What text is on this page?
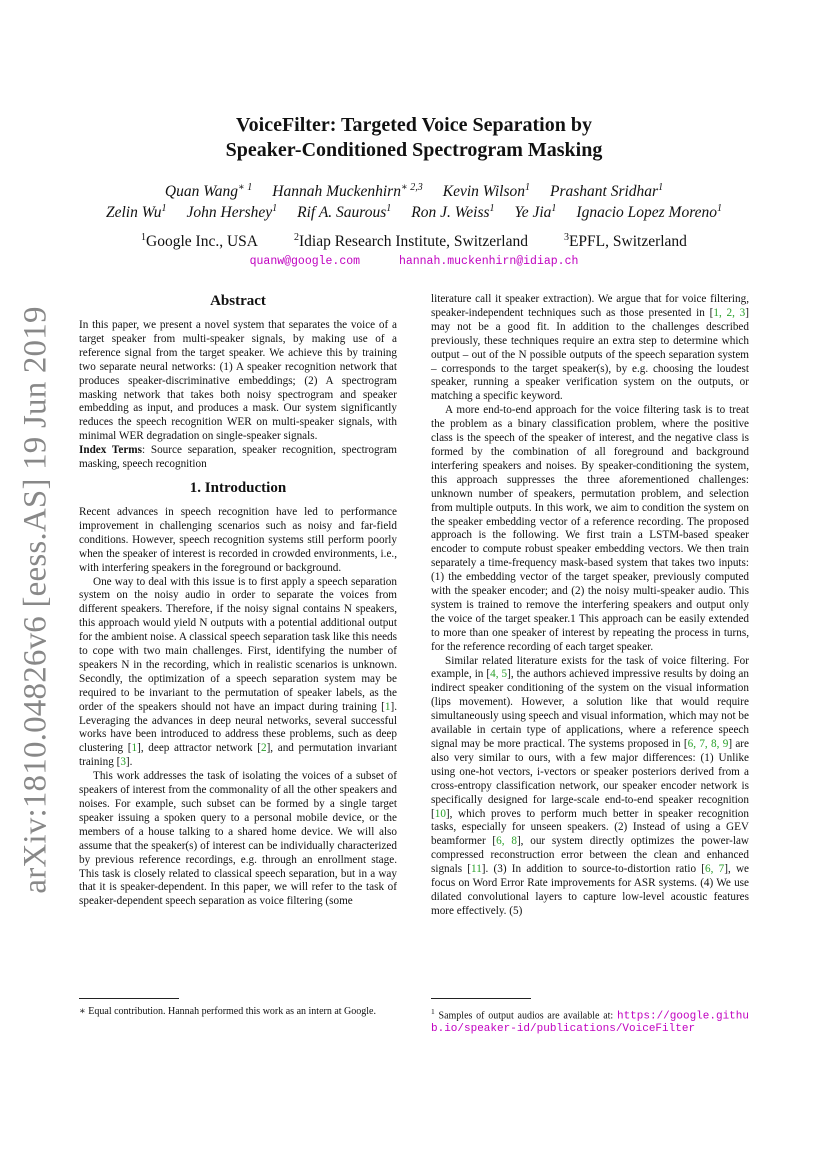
arXiv:1810.04826v6 [eess.AS] 19 Jun 2019
VoiceFilter: Targeted Voice Separation by
Speaker-Conditioned Spectrogram Masking
Quan Wang$^{∗ 1}$ Hannah Muckenhirn$^{∗ 2,3}$ Kevin Wilson$^1$ Prashant Sridhar$^1$
Zelin Wu$^1$ John Hershey$^1$ Rif A. Saurous$^1$ Ron J. Weiss$^1$ Ye Jia$^1$ Ignacio Lopez Moreno$^1$
$^1$Google Inc., USA	$^2$Idiap Research Institute, Switzerland	$^3$EPFL, Switzerland
quanw@google.com	hannah.muckenhirn@idiap.ch
Abstract

In this paper, we present a novel system that separates the voice of a target speaker from multi-speaker signals, by making use of a reference signal from the target speaker. We achieve this by training two separate neural networks: (1) A speaker recognition network that produces speaker-discriminative embeddings; (2) A spectrogram masking network that takes both noisy spectrogram and speaker embedding as input, and produces a mask. Our system significantly reduces the speech recognition WER on multi-speaker signals, with minimal WER degradation on single-speaker signals.

Index Terms: Source separation, speaker recognition, spectrogram masking, speech recognition

1. Introduction

Recent advances in speech recognition have led to performance improvement in challenging scenarios such as noisy and far-field conditions. However, speech recognition systems still perform poorly when the speaker of interest is recorded in crowded environments, i.e., with interfering speakers in the foreground or background.

One way to deal with this issue is to first apply a speech separation system on the noisy audio in order to separate the voices from different speakers. Therefore, if the noisy signal contains N speakers, this approach would yield N outputs with a potential additional output for the ambient noise. A classical speech separation task like this needs to cope with two main challenges. First, identifying the number of speakers N in the recording, which in realistic scenarios is unknown. Secondly, the optimization of a speech separation system may be required to be invariant to the permutation of speaker labels, as the order of the speakers should not have an impact during training [1]. Leveraging the advances in deep neural networks, several successful works have been introduced to address these problems, such as deep clustering [1], deep attractor network [2], and permutation invariant training [3].

This work addresses the task of isolating the voices of a subset of speakers of interest from the commonality of all the other speakers and noises. For example, such subset can be formed by a single target speaker issuing a spoken query to a personal mobile device, or the members of a house talking to a shared home device. We will also assume that the speaker(s) of interest can be individually characterized by previous reference recordings, e.g. through an enrollment stage. This task is closely related to classical speech separation, but in a way that it is speaker-dependent. In this paper, we will refer to the task of speaker-dependent speech separation as voice filtering (some

∗ Equal contribution. Hannah performed this work as an intern at Google.

literature call it speaker extraction). We argue that for voice filtering, speaker-independent techniques such as those presented in [1, 2, 3] may not be a good fit. In addition to the challenges described previously, these techniques require an extra step to determine which output – out of the N possible outputs of the speech separation system – corresponds to the target speaker(s), by e.g. choosing the loudest speaker, running a speaker verification system on the outputs, or matching a specific keyword.

A more end-to-end approach for the voice filtering task is to treat the problem as a binary classification problem, where the positive class is the speech of the speaker of interest, and the negative class is formed by the combination of all foreground and background interfering speakers and noises. By speaker-conditioning the system, this approach suppresses the three aforementioned challenges: unknown number of speakers, permutation problem, and selection from multiple outputs. In this work, we aim to condition the system on the speaker embedding vector of a reference recording. The proposed approach is the following. We first train a LSTM-based speaker encoder to compute robust speaker embedding vectors. We then train separately a time-frequency mask-based system that takes two inputs: (1) the embedding vector of the target speaker, previously computed with the speaker encoder; and (2) the noisy multi-speaker audio. This system is trained to remove the interfering speakers and output only the voice of the target speaker.1 This approach can be easily extended to more than one speaker of interest by repeating the process in turns, for the reference recording of each target speaker.

Similar related literature exists for the task of voice filtering. For example, in [4, 5], the authors achieved impressive results by doing an indirect speaker conditioning of the system on the visual information (lips movement). However, a solution like that would require simultaneously using speech and visual information, which may not be available in certain type of applications, where a reference speech signal may be more practical. The systems proposed in [6, 7, 8, 9] are also very similar to ours, with a few major differences: (1) Unlike using one-hot vectors, i-vectors or speaker posteriors derived from a cross-entropy classification network, our speaker encoder network is specifically designed for large-scale end-to-end speaker recognition [10], which proves to perform much better in speaker recognition tasks, especially for unseen speakers. (2) Instead of using a GEV beamformer [6, 8], our system directly optimizes the power-law compressed reconstruction error between the clean and enhanced signals [11]. (3) In addition to source-to-distortion ratio [6, 7], we focus on Word Error Rate improvements for ASR systems. (4) We use dilated convolutional layers to capture low-level acoustic features more effectively. (5)

$^1$ Samples of output audios are available at: https://google.github.io/speaker-id/publications/VoiceFilter
